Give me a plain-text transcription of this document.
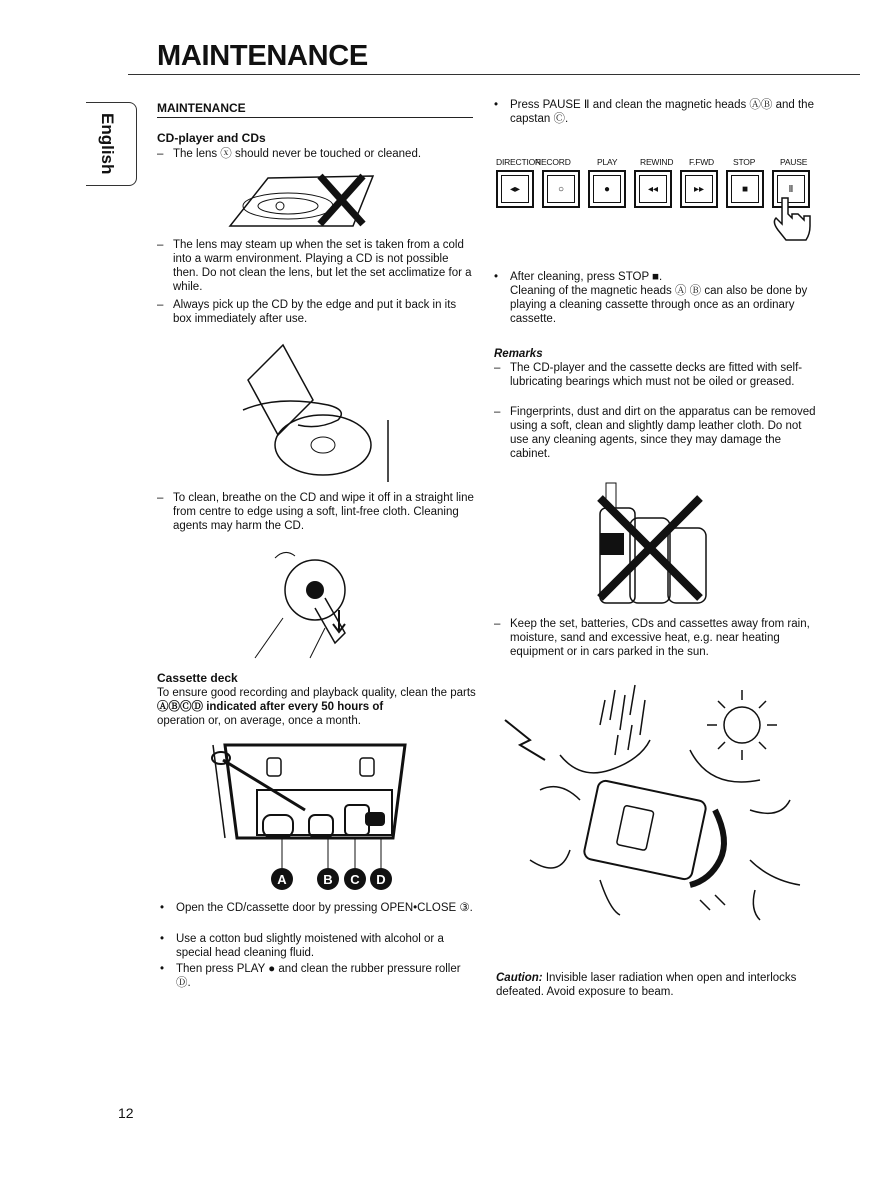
MAINTENANCE
English
MAINTENANCE
CD-player and CDs
– The lens ⓧ should never be touched or cleaned.
– The lens may steam up when the set is taken from a cold into a warm environment. Playing a CD is not possible then. Do not clean the lens, but let the set acclimatize for a while.
– Always pick up the CD by the edge and put it back in its box immediately after use.
– To clean, breathe on the CD and wipe it off in a straight line from centre to edge using a soft, lint-free cloth. Cleaning agents may harm the CD.
Cassette deck
To ensure good recording and playback quality, clean the parts ⒶⒷⒸⒹ indicated after every 50 hours of
operation or, on average, once a month.
A	B C D
• Open the CD/cassette door by pressing OPEN•CLOSE ③.
• Use a cotton bud slightly moistened with alcohol or a special head cleaning fluid.
• Then press PLAY ● and clean the rubber pressure roller Ⓓ.
• Press PAUSE Ⅱ and clean the magnetic heads ⒶⒷ and the capstan Ⓒ.
DIRECTION
RECORD	PLAY	REWIND F.FWD STOP	PAUSE
◂▸	○	●	◂◂	▸▸	■	Ⅱ
• After cleaning, press STOP ■.
Cleaning of the magnetic heads Ⓐ Ⓑ can also be done by playing a cleaning cassette through once as an ordinary cassette.
Remarks
– The CD-player and the cassette decks are fitted with self-lubricating bearings which must not be oiled or greased.
– Fingerprints, dust and dirt on the apparatus can be removed using a soft, clean and slightly damp leather cloth. Do not use any cleaning agents, since they may damage the cabinet.
– Keep the set, batteries, CDs and cassettes away from rain, moisture, sand and excessive heat, e.g. near heating equipment or in cars parked in the sun.
Caution: Invisible laser radiation when open and interlocks defeated. Avoid exposure to beam.
12
